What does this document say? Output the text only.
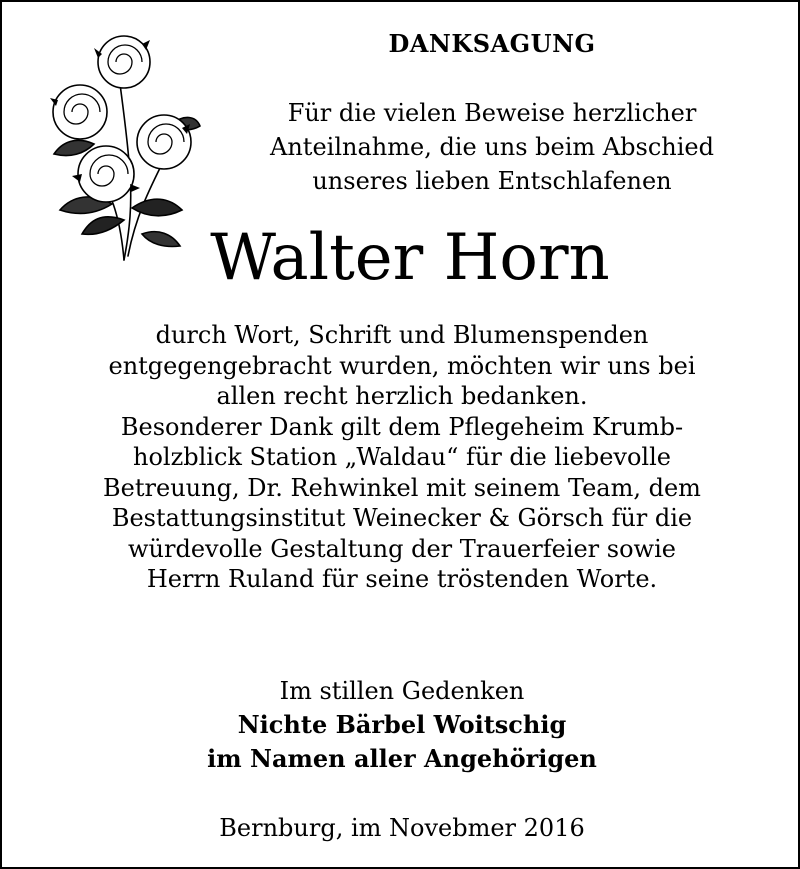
DANKSAGUNG
Für die vielen Beweise herzlicher
Anteilnahme, die uns beim Abschied
unseres lieben Entschlafenen
Walter Horn
durch Wort, Schrift und Blumenspenden
entgegengebracht wurden, möchten wir uns bei
allen recht herzlich bedanken.
Besonderer Dank gilt dem Pflegeheim Krumb-
holzblick Station „Waldau“ für die liebevolle
Betreuung, Dr. Rehwinkel mit seinem Team, dem
Bestattungsinstitut Weinecker & Görsch für die
würdevolle Gestaltung der Trauerfeier sowie
Herrn Ruland für seine tröstenden Worte.
Im stillen Gedenken
Nichte Bärbel Woitschig
im Namen aller Angehörigen
Bernburg, im Novebmer 2016
